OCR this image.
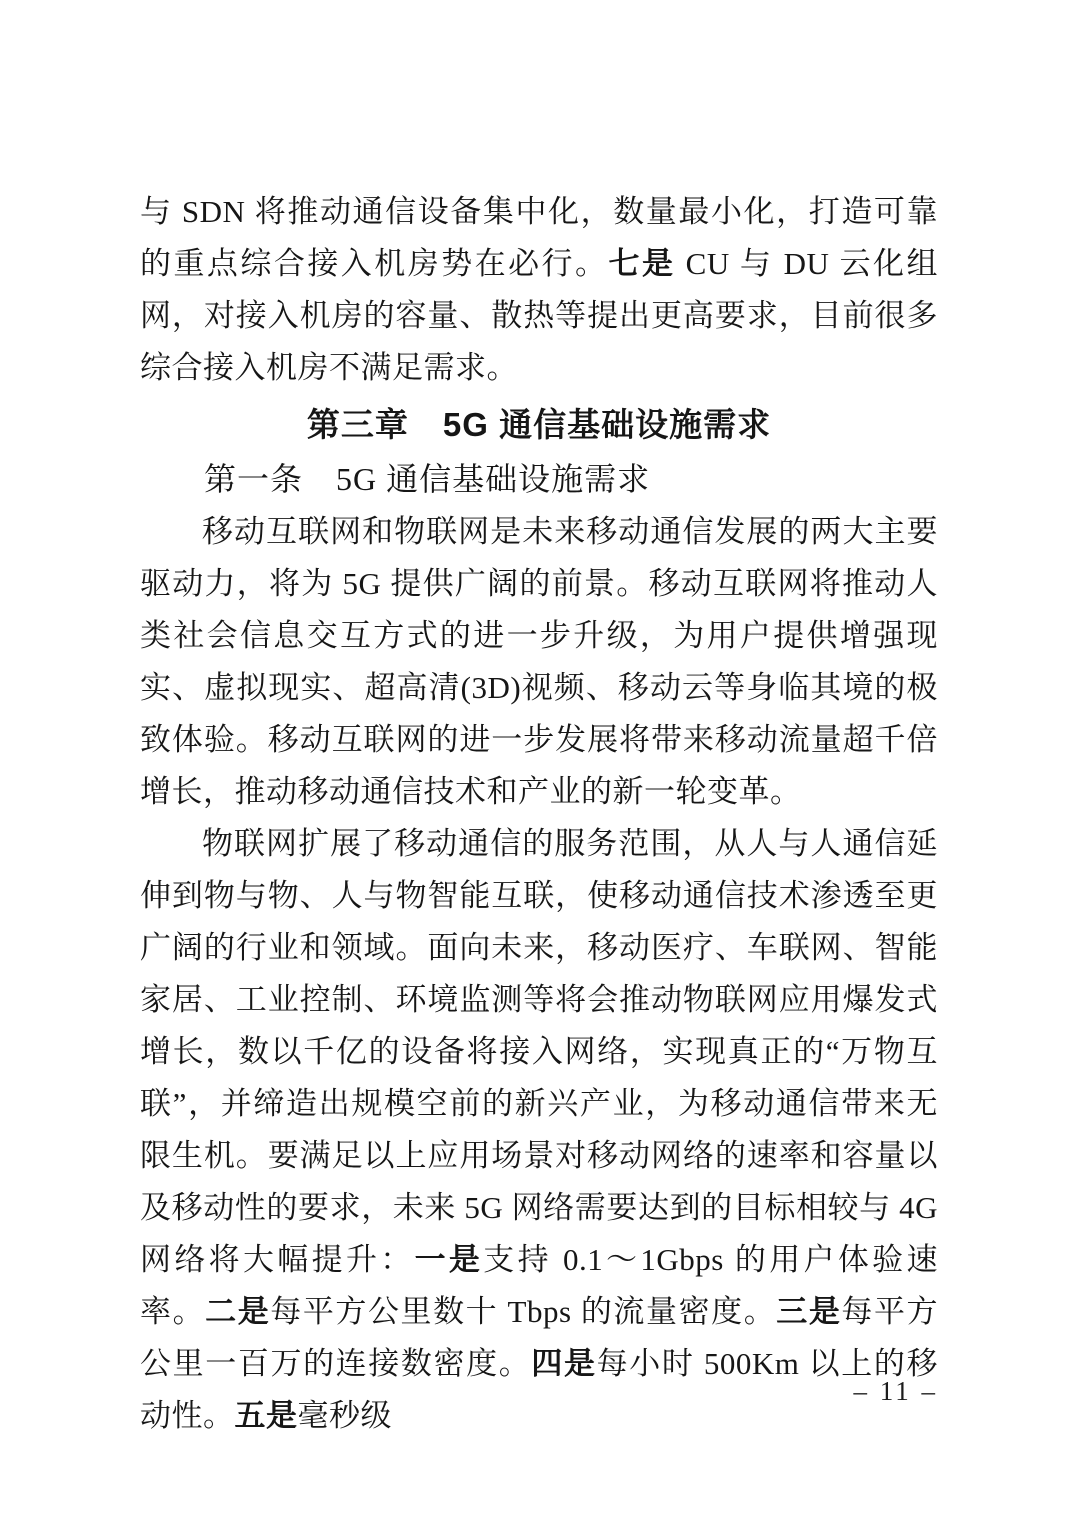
与 SDN 将推动通信设备集中化，数量最小化，打造可靠的重点综合接入机房势在必行。七是 CU 与 DU 云化组网，对接入机房的容量、散热等提出更高要求，目前很多综合接入机房不满足需求。

第三章　5G 通信基础设施需求
第一条　5G 通信基础设施需求

移动互联网和物联网是未来移动通信发展的两大主要驱动力，将为 5G 提供广阔的前景。移动互联网将推动人类社会信息交互方式的进一步升级，为用户提供增强现实、虚拟现实、超高清(3D)视频、移动云等身临其境的极致体验。移动互联网的进一步发展将带来移动流量超千倍增长，推动移动通信技术和产业的新一轮变革。

物联网扩展了移动通信的服务范围，从人与人通信延伸到物与物、人与物智能互联，使移动通信技术渗透至更广阔的行业和领域。面向未来，移动医疗、车联网、智能家居、工业控制、环境监测等将会推动物联网应用爆发式增长，数以千亿的设备将接入网络，实现真正的“万物互联”，并缔造出规模空前的新兴产业，为移动通信带来无限生机。要满足以上应用场景对移动网络的速率和容量以及移动性的要求，未来 5G 网络需要达到的目标相较与 4G 网络将大幅提升：一是支持 0.1～1Gbps 的用户体验速率。二是每平方公里数十 Tbps 的流量密度。三是每平方公里一百万的连接数密度。四是每小时 500Km 以上的移动性。五是毫秒级

– 11 –
